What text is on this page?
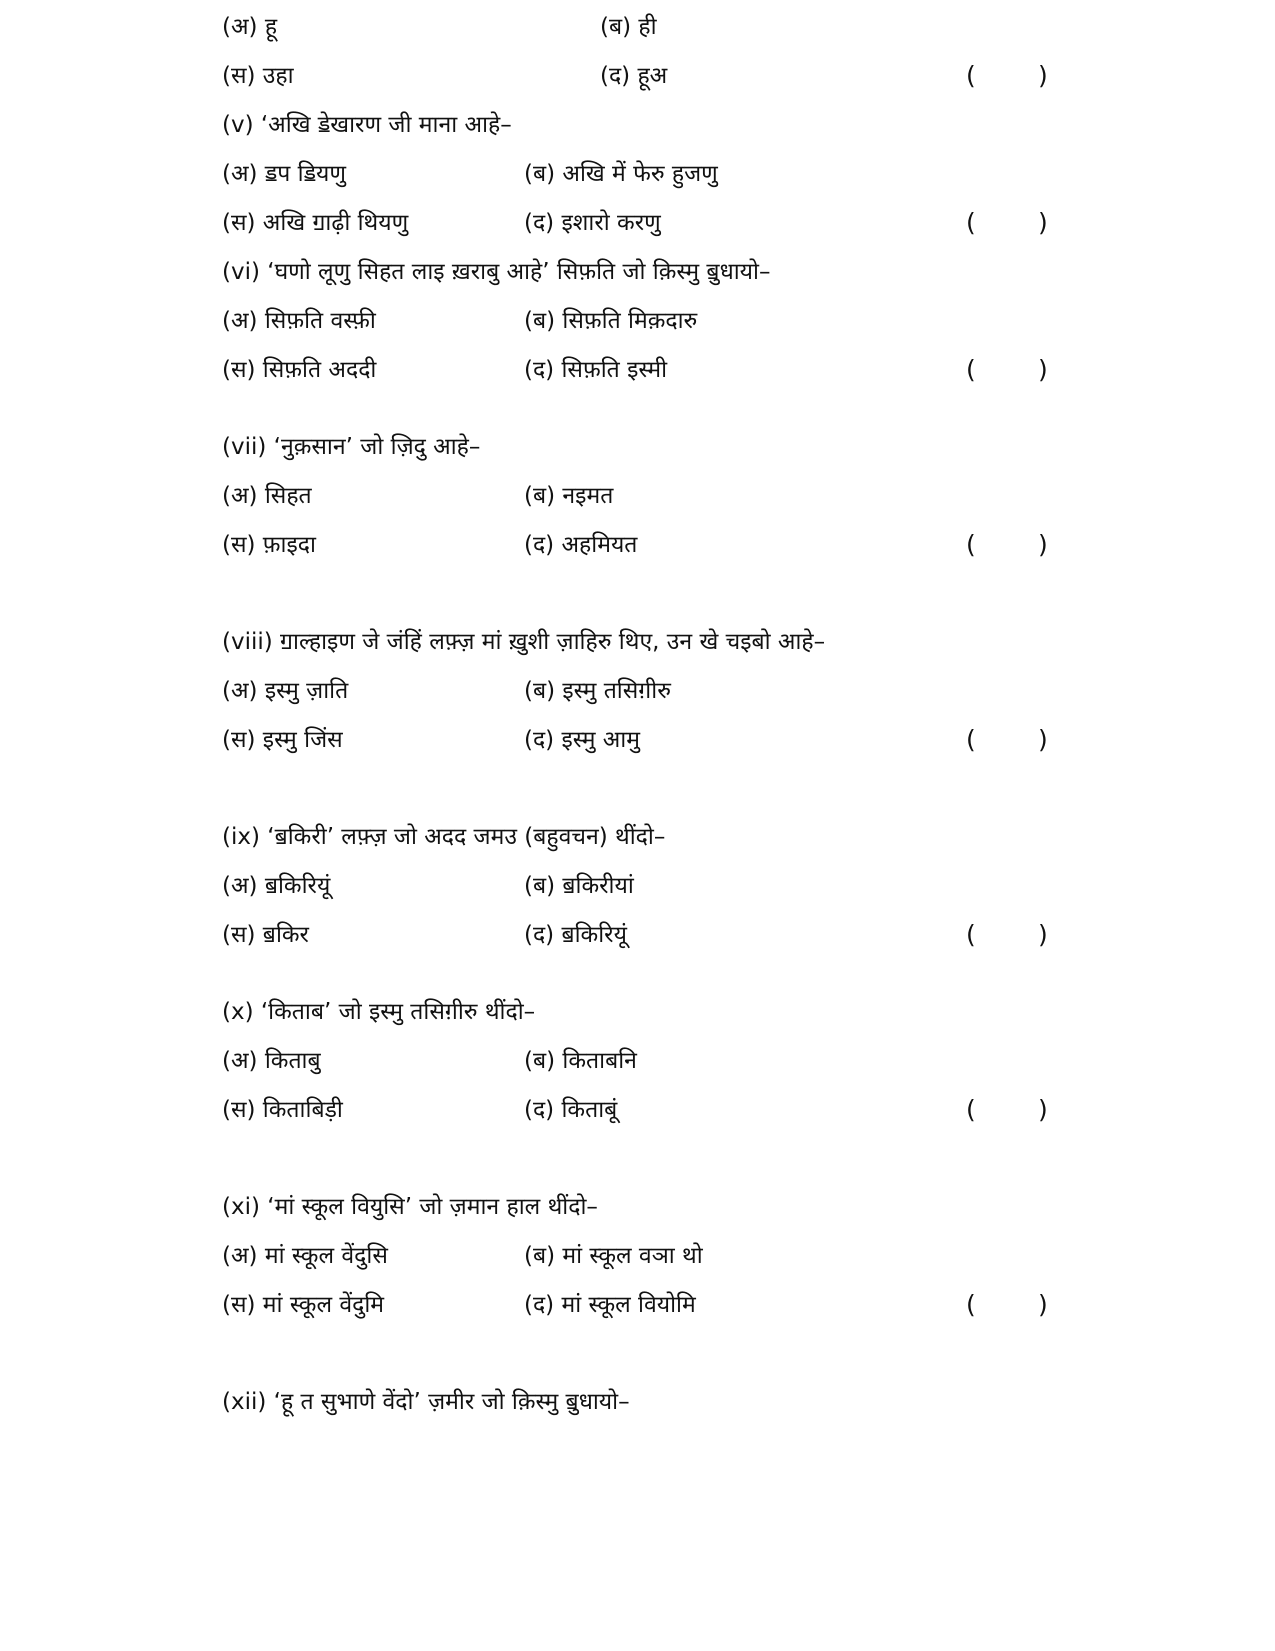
(अ) हू	(ब) ही
(स) उहा	(द) हूअ	( )
(v) ‘अखि ॾेखारण जी माना आहे–
(अ) ॾप ॾियणु	(ब) अखि में फेरु हुजणु
(स) अखि ॻाढ़ी थियणु	(द) इशारो करणु	( )
(vi) ‘घणो लूणु सिहत लाइ ख़राबु आहे’ सिफ़ति जो क़िस्मु ॿुधायो–
(अ) सिफ़ति वस्फ़ी	(ब) सिफ़ति मिक़दारु
(स) सिफ़ति अददी	(द) सिफ़ति इस्मी	( )
(vii) ‘नुक़सान’ जो ज़िदु आहे–
(अ) सिहत	(ब) नइमत
(स) फ़ाइदा	(द) अहमियत	( )
(viii) ॻाल्हाइण जे जंहिं लफ़्ज़ मां ख़ुशी ज़ाहिरु थिए, उन खे चइबो आहे–
(अ) इस्मु ज़ाति	(ब) इस्मु तसिग़ीरु
(स) इस्मु जिंस	(द) इस्मु आमु	( )
(ix) ‘ॿकिरी’ लफ़्ज़ जो अदद जमउ (बहुवचन) थींदो–
(अ) ॿकिरियूं	(ब) ॿकिरीयां
(स) ॿकिर	(द) ॿकिरियूं	( )
(x) ‘किताब’ जो इस्मु तसिग़ीरु थींदो–
(अ) किताबु	(ब) किताबनि
(स) किताबिड़ी	(द) किताबूं	( )
(xi) ‘मां स्कूल वियुसि’ जो ज़मान हाल थींदो–
(अ) मां स्कूल वेंदुसि	(ब) मां स्कूल वञा थो
(स) मां स्कूल वेंदुमि	(द) मां स्कूल वियोमि	( )
(xii) ‘हू त सुभाणे वेंदो’ ज़मीर जो क़िस्मु ॿुधायो–
